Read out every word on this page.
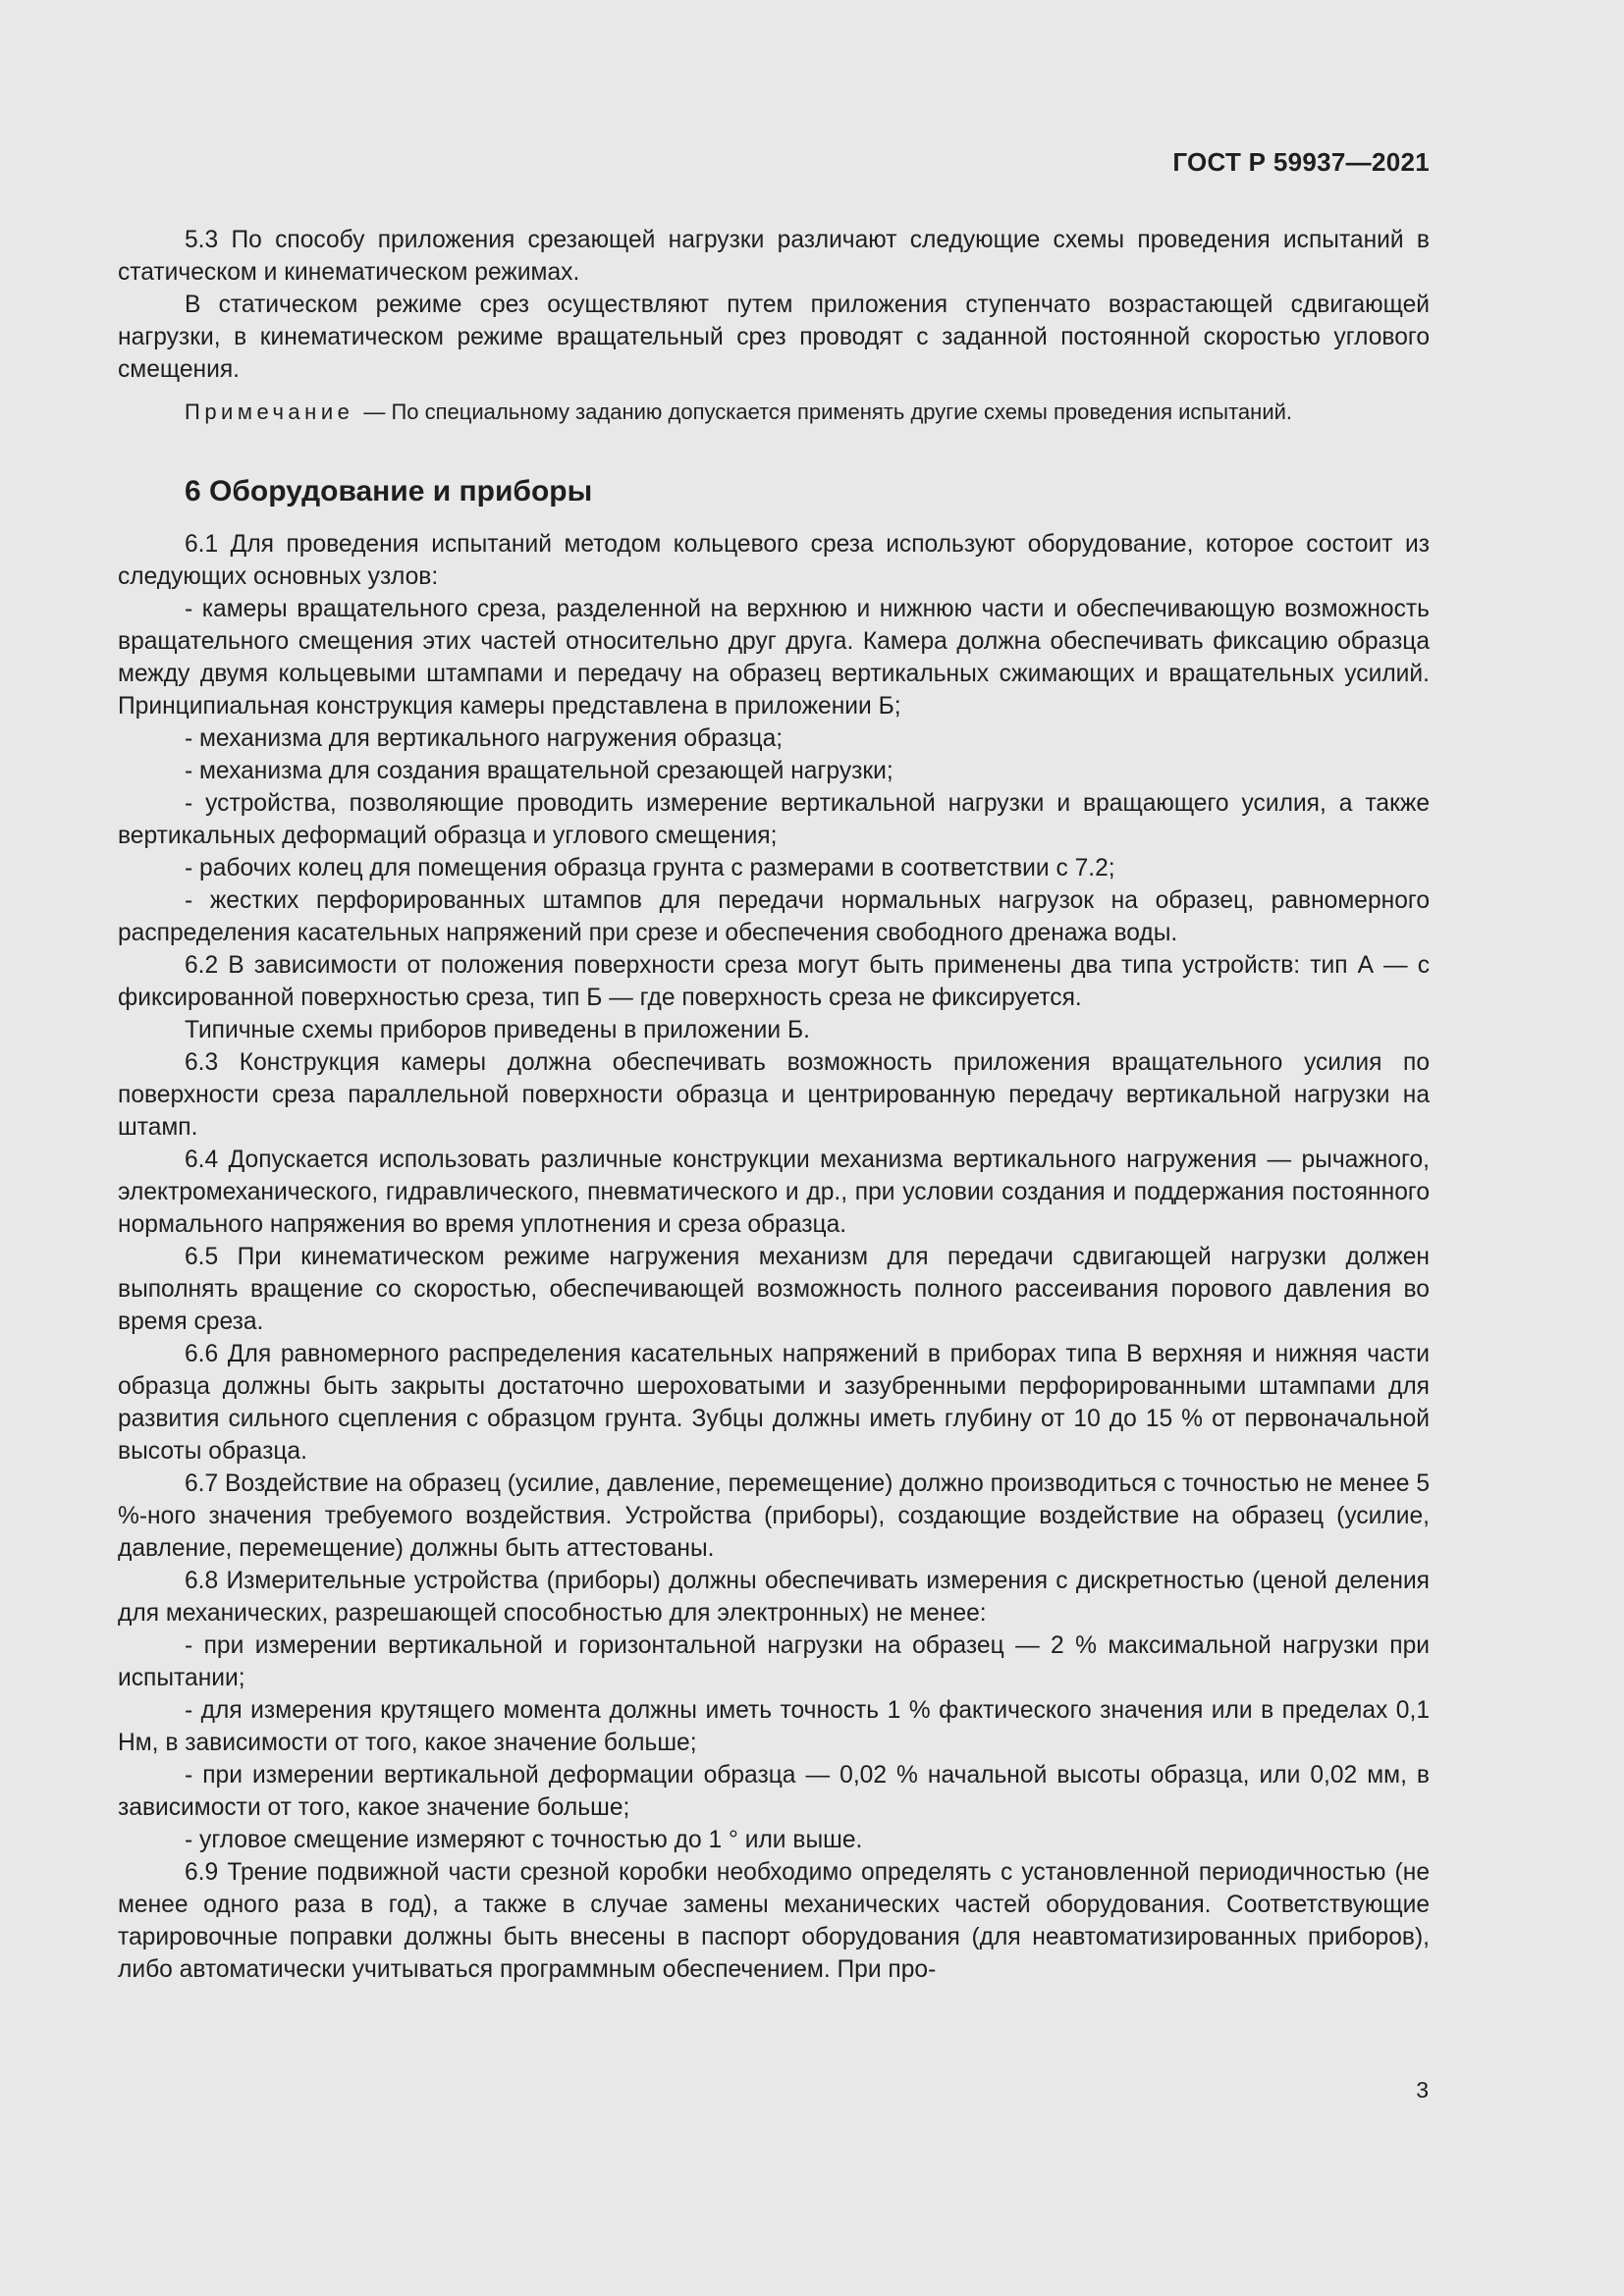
ГОСТ Р 59937—2021

5.3 По способу приложения срезающей нагрузки различают следующие схемы проведения испытаний в статическом и кинематическом режимах.

В статическом режиме срез осуществляют путем приложения ступенчато возрастающей сдвигающей нагрузки, в кинематическом режиме вращательный срез проводят с заданной постоянной скоростью углового смещения.

Примечание — По специальному заданию допускается применять другие схемы проведения испытаний.

6 Оборудование и приборы

6.1 Для проведения испытаний методом кольцевого среза используют оборудование, которое состоит из следующих основных узлов:

- камеры вращательного среза, разделенной на верхнюю и нижнюю части и обеспечивающую возможность вращательного смещения этих частей относительно друг друга. Камера должна обеспечивать фиксацию образца между двумя кольцевыми штампами и передачу на образец вертикальных сжимающих и вращательных усилий. Принципиальная конструкция камеры представлена в приложении Б;

- механизма для вертикального нагружения образца;

- механизма для создания вращательной срезающей нагрузки;

- устройства, позволяющие проводить измерение вертикальной нагрузки и вращающего усилия, а также вертикальных деформаций образца и углового смещения;

- рабочих колец для помещения образца грунта с размерами в соответствии с 7.2;

- жестких перфорированных штампов для передачи нормальных нагрузок на образец, равномерного распределения касательных напряжений при срезе и обеспечения свободного дренажа воды.

6.2 В зависимости от положения поверхности среза могут быть применены два типа устройств: тип А — с фиксированной поверхностью среза, тип Б — где поверхность среза не фиксируется.

Типичные схемы приборов приведены в приложении Б.

6.3 Конструкция камеры должна обеспечивать возможность приложения вращательного усилия по поверхности среза параллельной поверхности образца и центрированную передачу вертикальной нагрузки на штамп.

6.4 Допускается использовать различные конструкции механизма вертикального нагружения — рычажного, электромеханического, гидравлического, пневматического и др., при условии создания и поддержания постоянного нормального напряжения во время уплотнения и среза образца.

6.5 При кинематическом режиме нагружения механизм для передачи сдвигающей нагрузки должен выполнять вращение со скоростью, обеспечивающей возможность полного рассеивания порового давления во время среза.

6.6 Для равномерного распределения касательных напряжений в приборах типа В верхняя и нижняя части образца должны быть закрыты достаточно шероховатыми и зазубренными перфорированными штампами для развития сильного сцепления с образцом грунта. Зубцы должны иметь глубину от 10 до 15 % от первоначальной высоты образца.

6.7 Воздействие на образец (усилие, давление, перемещение) должно производиться с точностью не менее 5 %-ного значения требуемого воздействия. Устройства (приборы), создающие воздействие на образец (усилие, давление, перемещение) должны быть аттестованы.

6.8 Измерительные устройства (приборы) должны обеспечивать измерения с дискретностью (ценой деления для механических, разрешающей способностью для электронных) не менее:

- при измерении вертикальной и горизонтальной нагрузки на образец — 2 % максимальной нагрузки при испытании;

- для измерения крутящего момента должны иметь точность 1 % фактического значения или в пределах 0,1 Нм, в зависимости от того, какое значение больше;

- при измерении вертикальной деформации образца — 0,02 % начальной высоты образца, или 0,02 мм, в зависимости от того, какое значение больше;

- угловое смещение измеряют с точностью до 1 ° или выше.

6.9 Трение подвижной части срезной коробки необходимо определять с установленной периодичностью (не менее одного раза в год), а также в случае замены механических частей оборудования. Соответствующие тарировочные поправки должны быть внесены в паспорт оборудования (для неавтоматизированных приборов), либо автоматически учитываться программным обеспечением. При про-

3
